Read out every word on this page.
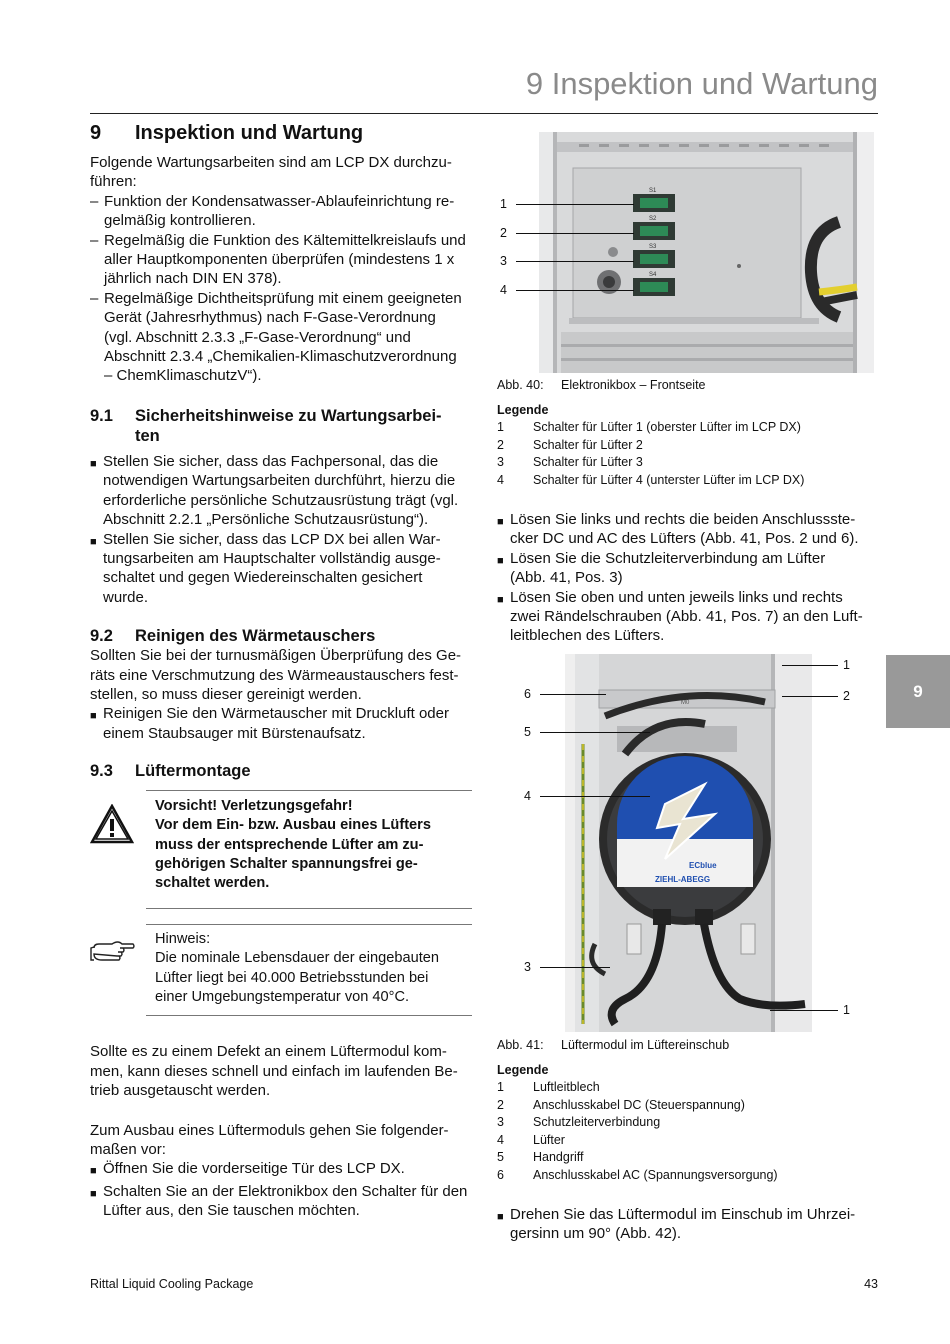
9 Inspektion und Wartung
9
9	Inspektion und Wartung

Folgende Wartungsarbeiten sind am LCP DX durchzu-
führen:

– Funktion der Kondensatwasser-Ablaufeinrichtung re-
gelmäßig kontrollieren.
– Regelmäßig die Funktion des Kältemittelkreislaufs und
aller Hauptkomponenten überprüfen (mindestens 1 x
jährlich nach DIN EN 378).
– Regelmäßige Dichtheitsprüfung mit einem geeigneten
Gerät (Jahresrhythmus) nach F-Gase-Verordnung
(vgl. Abschnitt 2.3.3 „F-Gase-Verordnung“ und
Abschnitt 2.3.4 „Chemikalien-Klimaschutzverordnung
– ChemKlimaschutzV“).
9.1	Sicherheitshinweise zu Wartungsarbei-
ten
■ Stellen Sie sicher, dass das Fachpersonal, das die
notwendigen Wartungsarbeiten durchführt, hierzu die
erforderliche persönliche Schutzausrüstung trägt (vgl.
Abschnitt 2.2.1 „Persönliche Schutzausrüstung“).
■ Stellen Sie sicher, dass das LCP DX bei allen War-
tungsarbeiten am Hauptschalter vollständig ausge-
schaltet und gegen Wiedereinschalten gesichert
wurde.
9.2	Reinigen des Wärmetauschers

Sollten Sie bei der turnusmäßigen Überprüfung des Ge-
räts eine Verschmutzung des Wärmeaustauschers fest-
stellen, so muss dieser gereinigt werden.

■ Reinigen Sie den Wärmetauscher mit Druckluft oder
einem Staubsauger mit Bürstenaufsatz.
9.3	Lüftermontage

Vorsicht! Verletzungsgefahr!
Vor dem Ein- bzw. Ausbau eines Lüfters
muss der entsprechende Lüfter am zu-
gehörigen Schalter spannungsfrei ge-
schaltet werden.

Hinweis:
Die nominale Lebensdauer der eingebauten
Lüfter liegt bei 40.000 Betriebsstunden bei
einer Umgebungstemperatur von 40°C.

Sollte es zu einem Defekt an einem Lüftermodul kom-
men, kann dieses schnell und einfach im laufenden Be-
trieb ausgetauscht werden.

Zum Ausbau eines Lüftermoduls gehen Sie folgender-
maßen vor:

■ Öffnen Sie die vorderseitige Tür des LCP DX.
■ Schalten Sie an der Elektronikbox den Schalter für den
Lüfter aus, den Sie tauschen möchten.
S1
S2
S3
S4
1
2
3
4
Abb. 40: Elektronikbox – Frontseite
Legende
1	Schalter für Lüfter 1 (oberster Lüfter im LCP DX)
2	Schalter für Lüfter 2
3	Schalter für Lüfter 3
4	Schalter für Lüfter 4 (unterster Lüfter im LCP DX)
■ Lösen Sie links und rechts die beiden Anschlussste-
cker DC und AC des Lüfters (Abb. 41, Pos. 2 und 6).
■ Lösen Sie die Schutzleiterverbindung am Lüfter
(Abb. 41, Pos. 3)
■ Lösen Sie oben und unten jeweils links und rechts
zwei Rändelschrauben (Abb. 41, Pos. 7) an den Luft-
leitblechen des Lüfters.
M0
ECblue
ZIEHL-ABEGG
6
5
4
3
1
2
1
Abb. 41: Lüftermodul im Lüftereinschub
Legende
1	Luftleitblech
2	Anschlusskabel DC (Steuerspannung)
3	Schutzleiterverbindung
4	Lüfter
5	Handgriff
6	Anschlusskabel AC (Spannungsversorgung)
■ Drehen Sie das Lüftermodul im Einschub im Uhrzei-
gersinn um 90° (Abb. 42).
Rittal Liquid Cooling Package	43
